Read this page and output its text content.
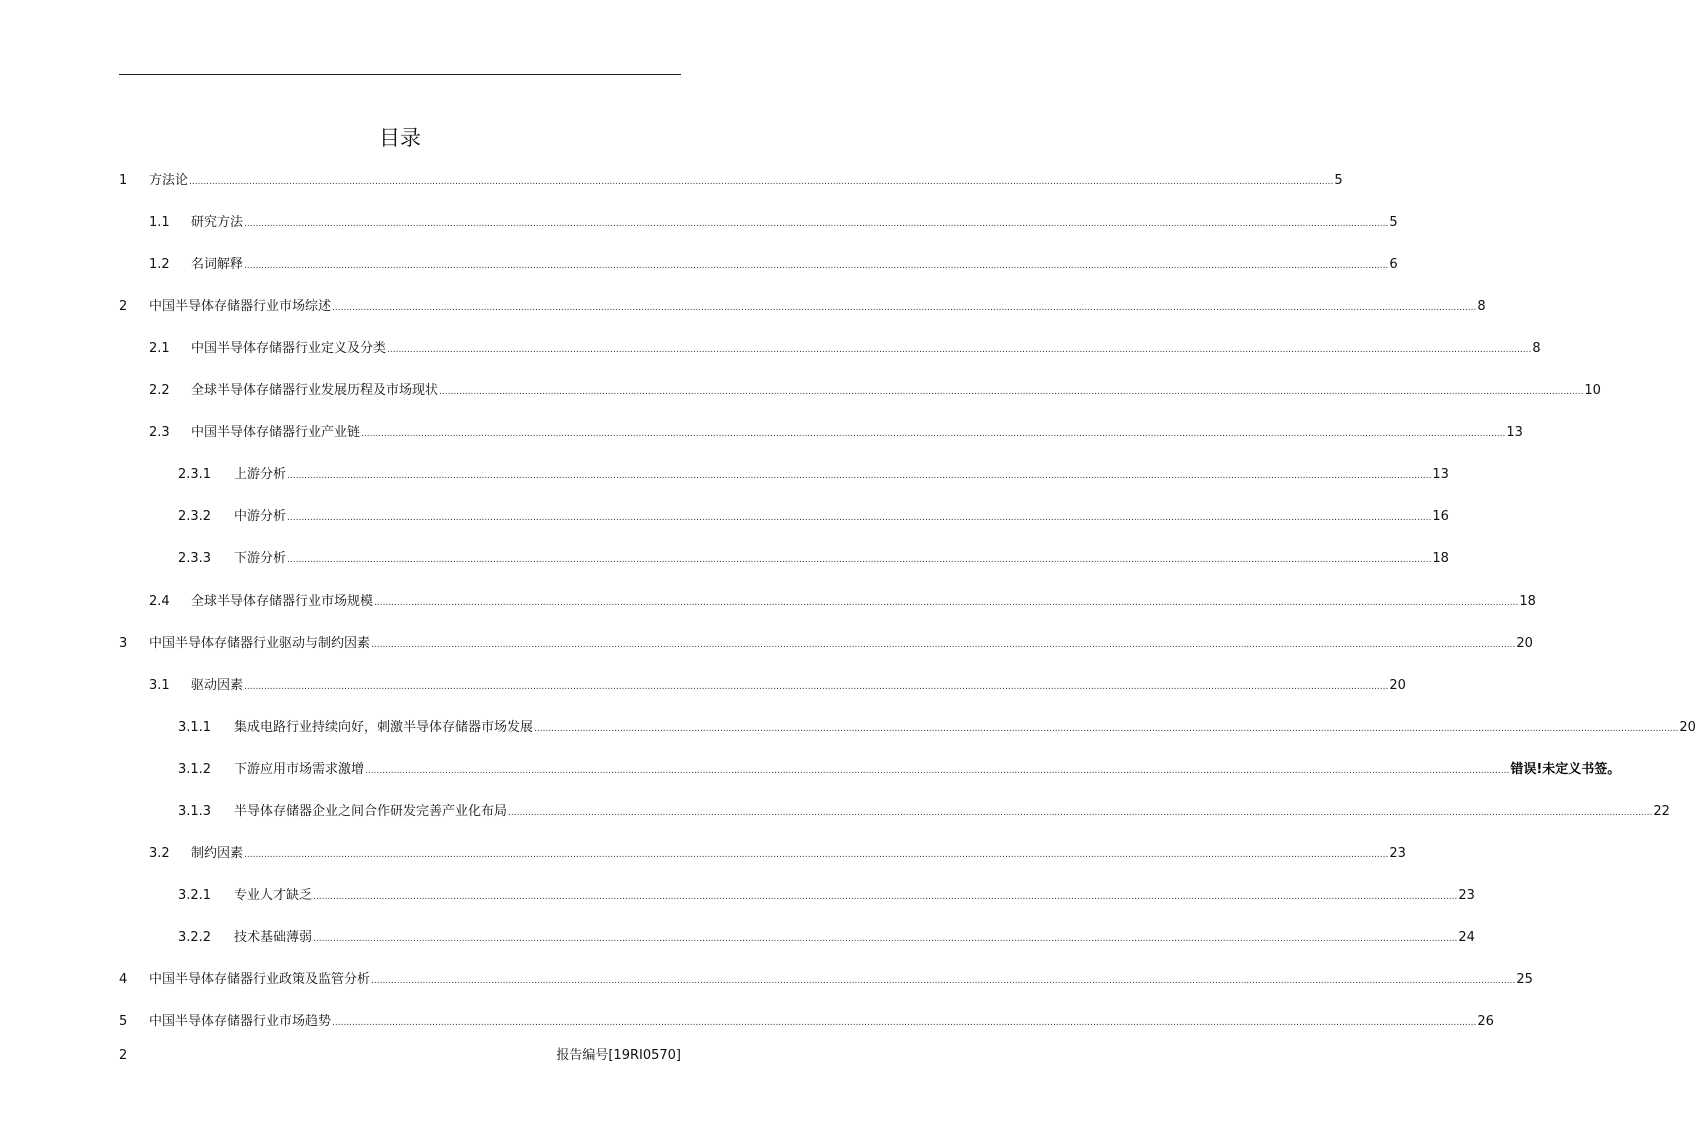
目录
1	方法论 ................................................................................................................................................................................................................................................................................................................................................................................................................ 5
1.1	研究方法 ................................................................................................................................................................................................................................................................................................................................................................................................................ 5
1.2	名词解释 ................................................................................................................................................................................................................................................................................................................................................................................................................ 6
2	中国半导体存储器行业市场综述 ................................................................................................................................................................................................................................................................................................................................................................................................................ 8
2.1	中国半导体存储器行业定义及分类 ................................................................................................................................................................................................................................................................................................................................................................................................................ 8
2.2	全球半导体存储器行业发展历程及市场现状 ................................................................................................................................................................................................................................................................................................................................................................................................................ 10
2.3	中国半导体存储器行业产业链 ................................................................................................................................................................................................................................................................................................................................................................................................................ 13
2.3.1	上游分析 ................................................................................................................................................................................................................................................................................................................................................................................................................ 13
2.3.2	中游分析 ................................................................................................................................................................................................................................................................................................................................................................................................................ 16
2.3.3	下游分析 ................................................................................................................................................................................................................................................................................................................................................................................................................ 18
2.4	全球半导体存储器行业市场规模 ................................................................................................................................................................................................................................................................................................................................................................................................................ 18
3	中国半导体存储器行业驱动与制约因素 ................................................................................................................................................................................................................................................................................................................................................................................................................ 20
3.1	驱动因素 ................................................................................................................................................................................................................................................................................................................................................................................................................ 20
3.1.1	集成电路行业持续向好，刺激半导体存储器市场发展 ................................................................................................................................................................................................................................................................................................................................................................................................................ 20
3.1.2	下游应用市场需求激增 ................................................................................................................................................................................................................................................................................................................................................................................................................ 错误!未定义书签。
3.1.3	半导体存储器企业之间合作研发完善产业化布局 ................................................................................................................................................................................................................................................................................................................................................................................................................ 22
3.2	制约因素 ................................................................................................................................................................................................................................................................................................................................................................................................................ 23
3.2.1	专业人才缺乏 ................................................................................................................................................................................................................................................................................................................................................................................................................ 23
3.2.2	技术基础薄弱 ................................................................................................................................................................................................................................................................................................................................................................................................................ 24
4	中国半导体存储器行业政策及监管分析 ................................................................................................................................................................................................................................................................................................................................................................................................................ 25
5	中国半导体存储器行业市场趋势 ................................................................................................................................................................................................................................................................................................................................................................................................................ 26
2	报告编号[19RI0570]
